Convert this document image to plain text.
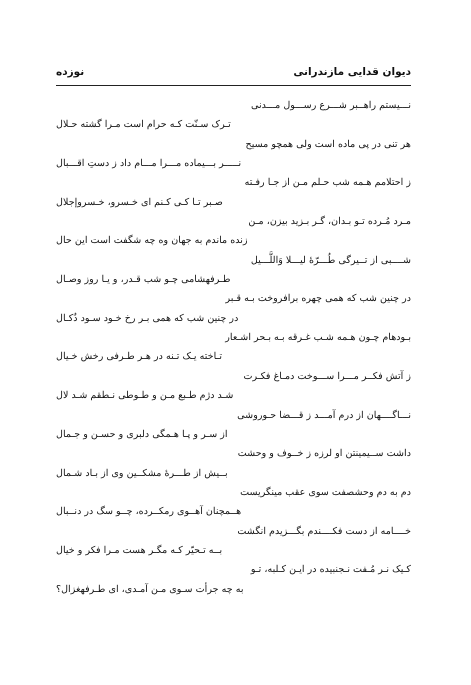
دیوان قدایی مازندرانی
نوزده
نـــیستم راهــبر شـــرع رســـول مـــدنی
تـرک سـنّت کـه حرام است مـرا گشته حـلال
هر تنی در پی ماده است ولی همچو مسیح
نـــــر بـــیماده مـــرا مـــام داد ز دستِ اقـــبال
ز احتلامم هـمه شب حـلم مـن از جـا رفـته
صـبر تـا کـی کـنم ای خـسرو، خـسروإجلال
مـرد مُـرده تـو بـدان، گـر بـزید بیزن، مـن
زنده ماندم به جهان وه چه شگفت است این حال
شــــبی از تــیرگی طُـــرّهٔ لیـــلا وَاللَّـــیل
طـرفهشامی چـو شب قـدر، و یـا روز وصـال
در چنین شب که همی چهره برافروخت بـه قـبر
در چنین شب که همی بـر رخ خـود سـود ذُکـال
بـودهام چـون هـمه شـب غـرقه بـه بـحر اشـعار
تـاخته یـک تـنه در هـر طـرفی رخش خـیال
ز آتش فکــر مـــرا ســـوخت دمـاغ فکـرت
شـد دژم طـبع مـن و طـوطی نـطقم شـد لال
نـــاگــــهان از درم آمـــد ز قـــضا حـوروشی
از سـر و پـا هـمگی دلبری و حسـن و جـمال
داشت ســیمینتن او لرزه ز خــوف و وحشت
بــیش از طـــرهٔ مشکــین وی از بـاد شـمال
دم به دم وحشصفت سوی عقب مینگریست
هــمچنان آهــوی رمکــرده، چــو سگ در دنــبال
خــــامه از دست فکــــندم بگـــزیدم انگشت
بــه تـحیّر کـه مگـر هست مـرا فکر و خیال
کـیک نـر مُـفت نـجنبیده در ایـن کـلبه، تـو
به چه جرأت سـوی مـن آمـدی، ای طـرفهغزال؟
